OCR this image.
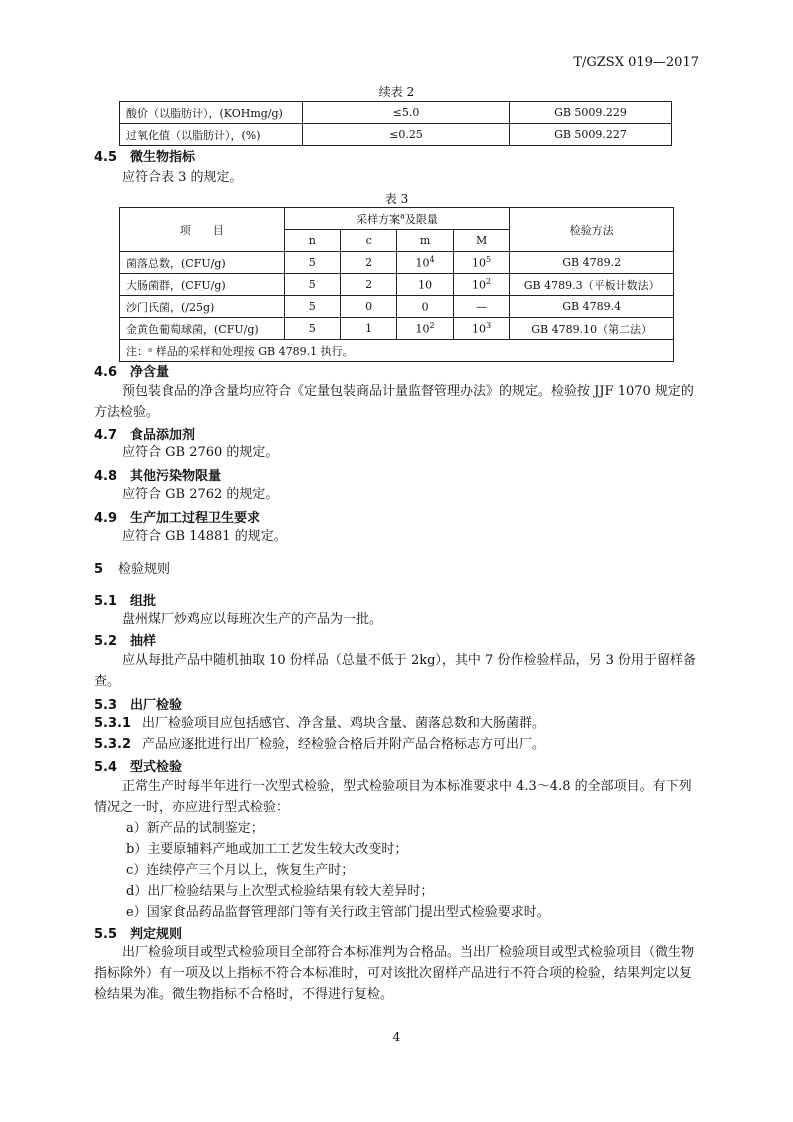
T/GZSX 019—2017
续表 2
酸价（以脂肪计），(KOHmg/g)	≤5.0	GB 5009.229
过氧化值（以脂肪计），(%)	≤0.25	GB 5009.227
4.5 微生物指标
应符合表 3 的规定。
表 3
项　　目	采样方案$^a$及限量				检验方法
	n	c	m	M	
菌落总数，(CFU/g)	5	2	$10^4$	$10^5$	GB 4789.2
大肠菌群，(CFU/g)	5	2	10	$10^2$	GB 4789.3（平板计数法）
沙门氏菌，(/25g)	5	0	0	—	GB 4789.4
金黄色葡萄球菌，(CFU/g)	5	1	$10^2$	$10^3$	GB 4789.10（第二法）
注：ᵃ 样品的采样和处理按 GB 4789.1 执行。					
4.6 净含量
预包装食品的净含量均应符合《定量包装商品计量监督管理办法》的规定。检验按 JJF 1070 规定的方法检验。
4.7 食品添加剂
应符合 GB 2760 的规定。
4.8 其他污染物限量
应符合 GB 2762 的规定。
4.9 生产加工过程卫生要求
应符合 GB 14881 的规定。
5 检验规则
5.1 组批
盘州煤厂炒鸡应以每班次生产的产品为一批。
5.2 抽样
应从每批产品中随机抽取 10 份样品（总量不低于 2kg），其中 7 份作检验样品，另 3 份用于留样备查。
5.3 出厂检验
5.3.1 出厂检验项目应包括感官、净含量、鸡块含量、菌落总数和大肠菌群。
5.3.2 产品应逐批进行出厂检验，经检验合格后并附产品合格标志方可出厂。
5.4 型式检验
正常生产时每半年进行一次型式检验，型式检验项目为本标准要求中 4.3～4.8 的全部项目。有下列情况之一时，亦应进行型式检验：
a）新产品的试制鉴定；
b）主要原辅料产地或加工工艺发生较大改变时；
c）连续停产三个月以上，恢复生产时；
d）出厂检验结果与上次型式检验结果有较大差异时；
e）国家食品药品监督管理部门等有关行政主管部门提出型式检验要求时。
5.5 判定规则
出厂检验项目或型式检验项目全部符合本标准判为合格品。当出厂检验项目或型式检验项目（微生物指标除外）有一项及以上指标不符合本标准时，可对该批次留样产品进行不符合项的检验，结果判定以复检结果为准。微生物指标不合格时，不得进行复检。
4
